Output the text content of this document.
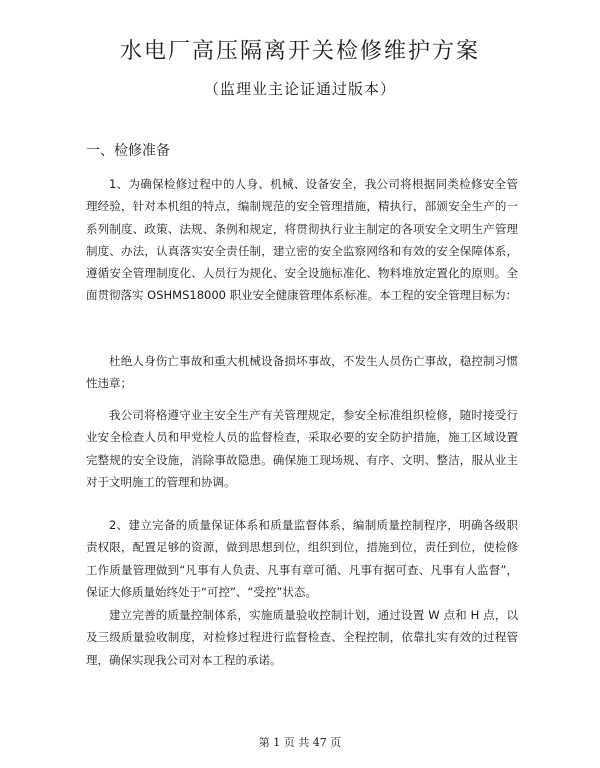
水电厂高压隔离开关检修维护方案
（监理业主论证通过版本）
一、检修准备

1、为确保检修过程中的人身、机械、设备安全，我公司将根据同类检修安全管理经验，针对本机组的特点，编制规范的安全管理措施，精执行，部颁安全生产的一系列制度、政策、法规、条例和规定，将贯彻执行业主制定的各项安全文明生产管理制度、办法，认真落实安全责任制，建立密的安全监察网络和有效的安全保障体系，遵循安全管理制度化、人员行为规化、安全设施标准化、物料堆放定置化的原则。全面贯彻落实 OSHMS18000 职业安全健康管理体系标准。本工程的安全管理目标为：

杜绝人身伤亡事故和重大机械设备损坏事故，不发生人员伤亡事故，稳控制习惯性违章；

我公司将格遵守业主安全生产有关管理规定，参安全标准组织检修，随时接受行业安全检查人员和甲党检人员的监督检查，采取必要的安全防护措施，施工区域设置完整规的安全设施，消除事故隐患。确保施工现场规、有序、文明、整洁，服从业主对于文明施工的管理和协调。

2、建立完备的质量保证体系和质量监督体系，编制质量控制程序，明确各级职责权限，配置足够的资源，做到思想到位，组织到位，措施到位，责任到位，使检修工作质量管理做到“凡事有人负责、凡事有章可循、凡事有据可查、凡事有人监督”，保证大修质量始终处于“可控”、“受控”状态。

建立完善的质量控制体系，实施质量验收控制计划，通过设置 W 点和 H 点，以及三级质量验收制度，对检修过程进行监督检查、全程控制，依靠扎实有效的过程管理，确保实现我公司对本工程的承诺。

第 1 页 共 47 页
